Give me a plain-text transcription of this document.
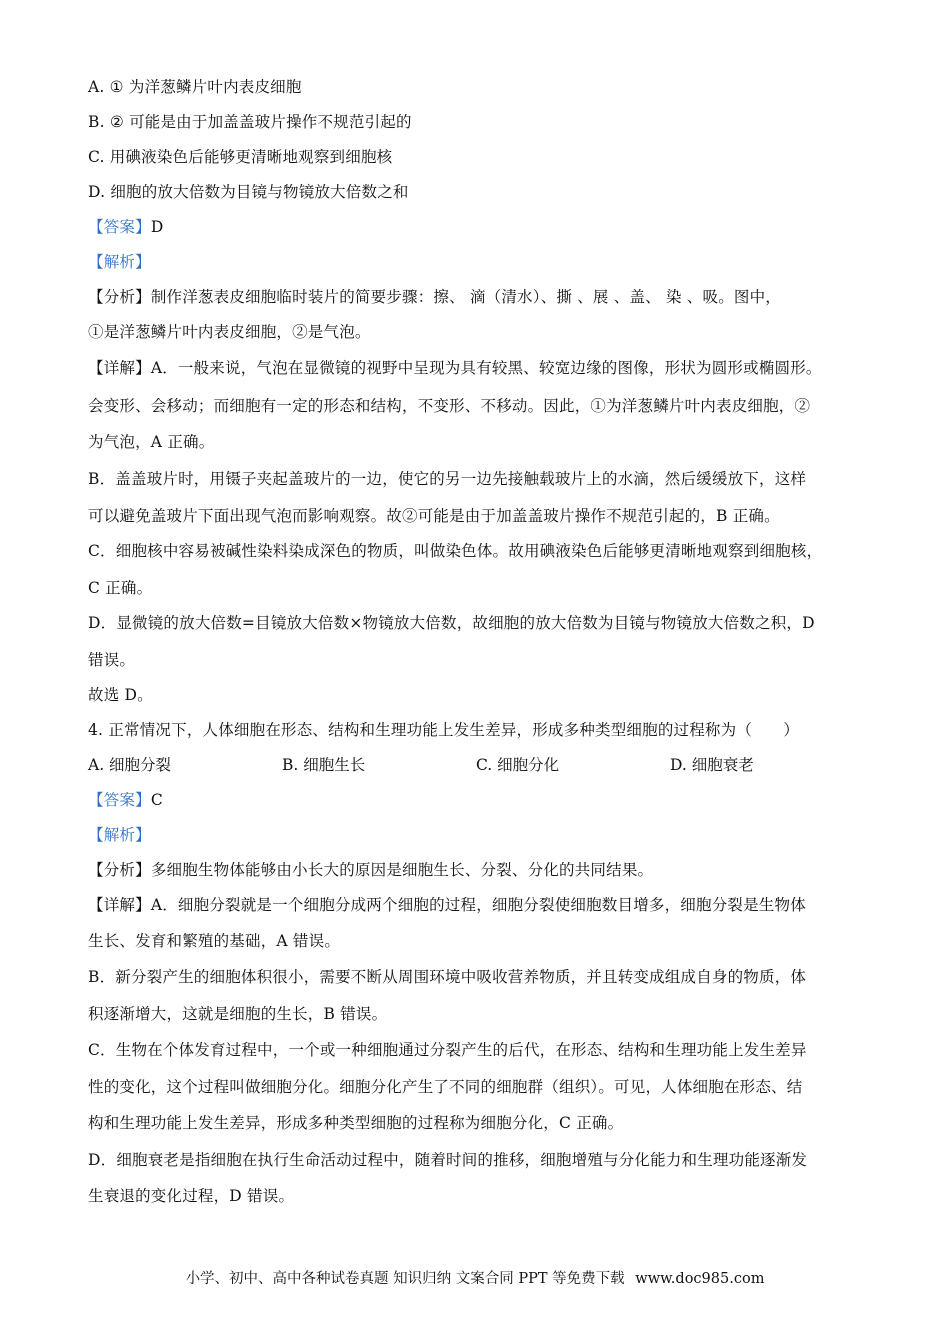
A. ① 为洋葱鳞片叶内表皮细胞
B. ② 可能是由于加盖盖玻片操作不规范引起的
C. 用碘液染色后能够更清晰地观察到细胞核
D. 细胞的放大倍数为目镜与物镜放大倍数之和
【答案】D
【解析】
【分析】制作洋葱表皮细胞临时装片的简要步骤：擦、 滴（清水）、撕 、展 、盖、 染 、吸。图中，
①是洋葱鳞片叶内表皮细胞，②是气泡。
【详解】A．一般来说，气泡在显微镜的视野中呈现为具有较黑、较宽边缘的图像，形状为圆形或椭圆形。
会变形、会移动；而细胞有一定的形态和结构，不变形、不移动。因此，①为洋葱鳞片叶内表皮细胞，②
为气泡，A 正确。
B．盖盖玻片时，用镊子夹起盖玻片的一边，使它的另一边先接触载玻片上的水滴，然后缓缓放下，这样
可以避免盖玻片下面出现气泡而影响观察。故②可能是由于加盖盖玻片操作不规范引起的，B 正确。
C．细胞核中容易被碱性染料染成深色的物质，叫做染色体。故用碘液染色后能够更清晰地观察到细胞核，
C 正确。
D．显微镜的放大倍数=目镜放大倍数×物镜放大倍数，故细胞的放大倍数为目镜与物镜放大倍数之积，D
错误。
故选 D。
4. 正常情况下，人体细胞在形态、结构和生理功能上发生差异，形成多种类型细胞的过程称为（　　）
A. 细胞分裂	B. 细胞生长	C. 细胞分化	D. 细胞衰老
【答案】C
【解析】
【分析】多细胞生物体能够由小长大的原因是细胞生长、分裂、分化的共同结果。
【详解】A．细胞分裂就是一个细胞分成两个细胞的过程，细胞分裂使细胞数目增多，细胞分裂是生物体
生长、发育和繁殖的基础，A 错误。
B．新分裂产生的细胞体积很小，需要不断从周围环境中吸收营养物质，并且转变成组成自身的物质，体
积逐渐增大，这就是细胞的生长，B 错误。
C．生物在个体发育过程中，一个或一种细胞通过分裂产生的后代，在形态、结构和生理功能上发生差异
性的变化，这个过程叫做细胞分化。细胞分化产生了不同的细胞群（组织）。可见，人体细胞在形态、结
构和生理功能上发生差异，形成多种类型细胞的过程称为细胞分化，C 正确。
D．细胞衰老是指细胞在执行生命活动过程中，随着时间的推移，细胞增殖与分化能力和生理功能逐渐发
生衰退的变化过程，D 错误。
小学、初中、高中各种试卷真题 知识归纳 文案合同 PPT 等免费下载 www.doc985.com
